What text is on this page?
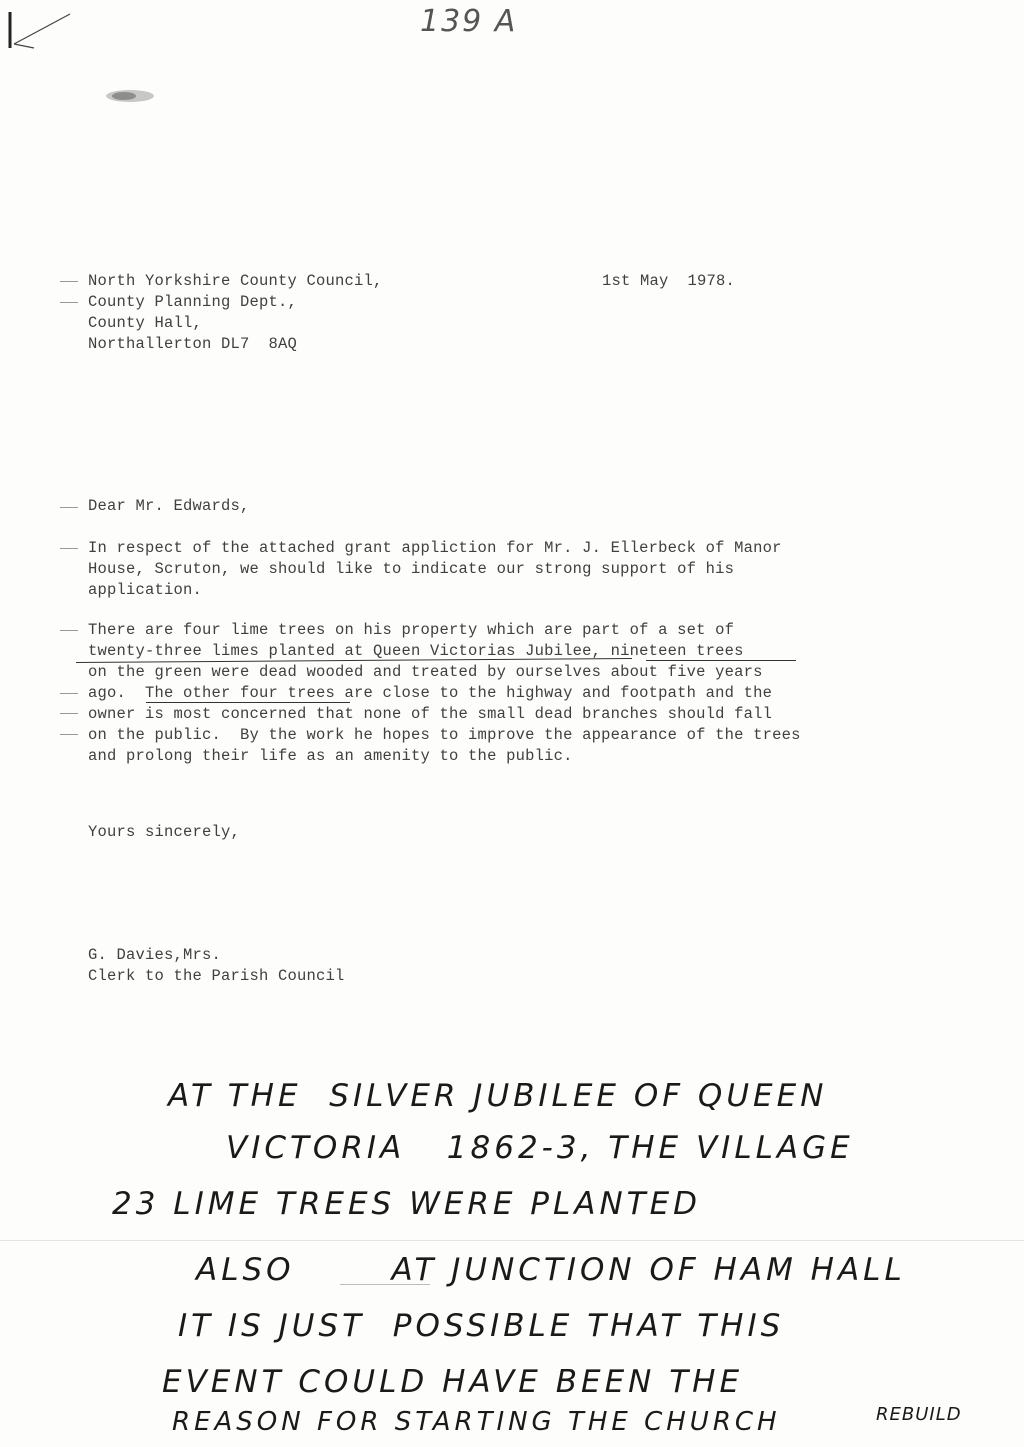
139 A
North Yorkshire County Council,
County Planning Dept.,
County Hall,
Northallerton DL7  8AQ
1st May  1978.
Dear Mr. Edwards,
In respect of the attached grant appliction for Mr. J. Ellerbeck of Manor
House, Scruton, we should like to indicate our strong support of his
application.
There are four lime trees on his property which are part of a set of
twenty-three limes planted at Queen Victorias Jubilee, nineteen trees
on the green were dead wooded and treated by ourselves about five years
ago.  The other four trees are close to the highway and footpath and the
owner is most concerned that none of the small dead branches should fall
on the public.  By the work he hopes to improve the appearance of the trees
and prolong their life as an amenity to the public.
Yours sincerely,
G. Davies,Mrs.
Clerk to the Parish Council
AT THE  SILVER JUBILEE OF QUEEN
VICTORIA   1862-3, THE VILLAGE
23 LIME TREES WERE PLANTED
ALSO       AT JUNCTION OF HAM HALL
IT IS JUST  POSSIBLE THAT THIS
EVENT COULD HAVE BEEN THE
REASON FOR STARTING THE CHURCH	REBUILD
